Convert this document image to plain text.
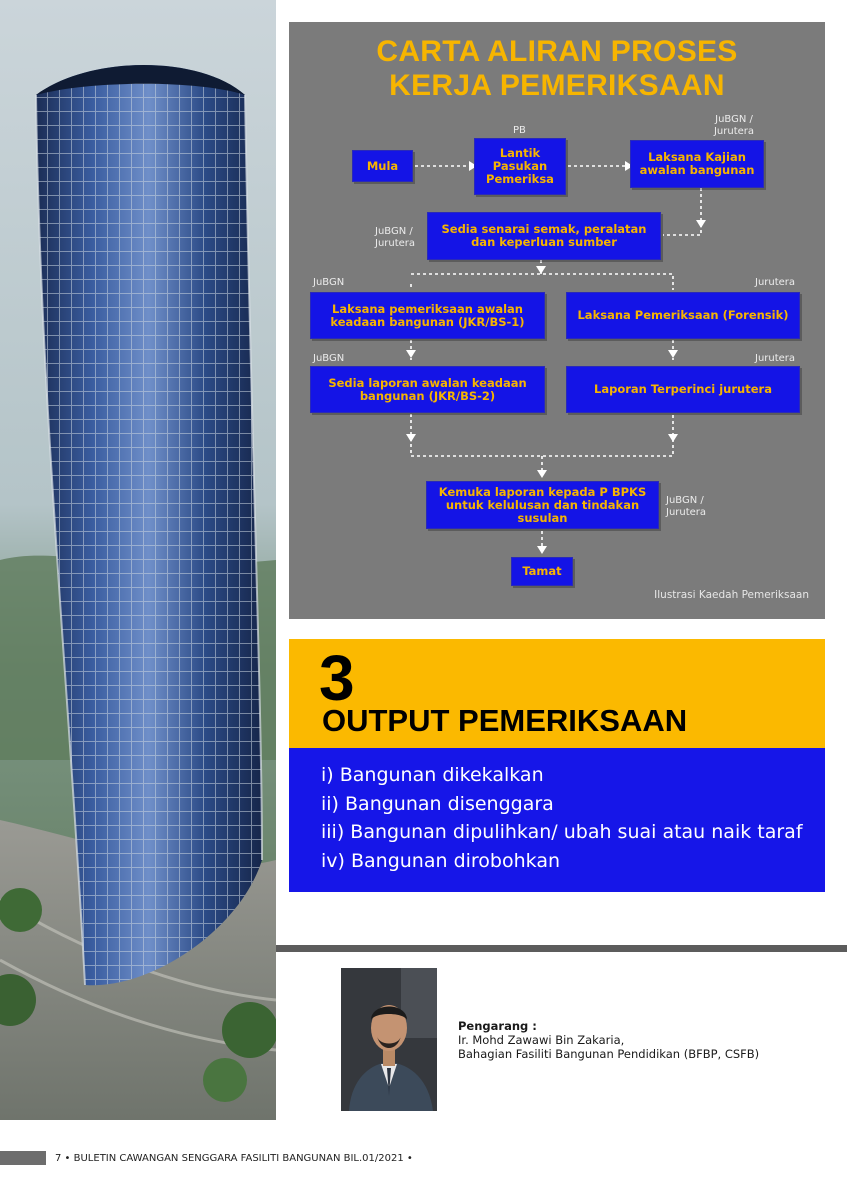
CARTA ALIRAN PROSES
KERJA PEMERIKSAAN
Mula
Lantik Pasukan Pemeriksa
Laksana Kajian awalan bangunan
Sedia senarai semak, peralatan dan keperluan sumber
Laksana pemeriksaan awalan keadaan bangunan (JKR/BS-1)	Laksana Pemeriksaan (Forensik)
Sedia laporan awalan keadaan bangunan (JKR/BS-2)	Laporan Terperinci jurutera
Kemuka laporan kepada P BPKS untuk kelulusan dan tindakan susulan
Tamat
PB
JuBGN / Jurutera
JuBGN / Jurutera
JuBGN	Jurutera
JuBGN	Jurutera
JuBGN / Jurutera
Ilustrasi Kaedah Pemeriksaan
3
OUTPUT PEMERIKSAAN
i) Bangunan dikekalkan
ii) Bangunan disenggara
iii) Bangunan dipulihkan/ ubah suai atau naik taraf
iv) Bangunan dirobohkan
Pengarang :
Ir. Mohd Zawawi Bin Zakaria,
Bahagian Fasiliti Bangunan Pendidikan (BFBP, CSFB)
7 • BULETIN CAWANGAN SENGGARA FASILITI BANGUNAN BIL.01/2021 •
